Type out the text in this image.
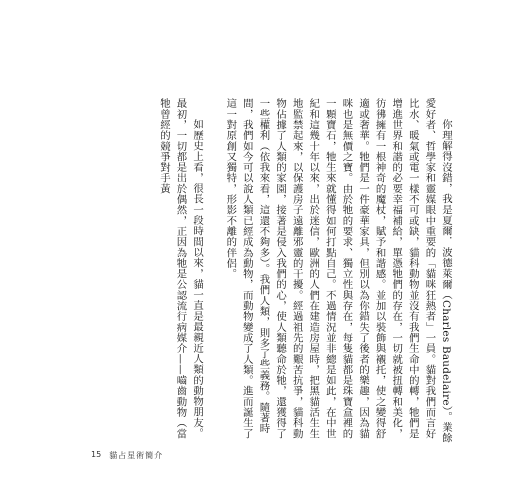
你理解得沒錯，我是夏爾．波德萊爾（Charles Baudelaire）。業餘愛好者、哲學家和靈媒眼中重要的「貓咪狂熱者」一員。貓對我們而言好比水、暖氣或電一樣不可或缺，貓科動物並沒有我們生命中的轉，牠們是增進世界和諧的必要幸福補給，單憑牠們的存在，一切就被扭轉和美化，彷彿擁有一根神奇的魔杖，賦予和諧感。並加以裝飾與襯托，使之變得舒適或奢華。牠們是一件豪華家具，但別以為你錯失了後者的樂趣，因為貓咪也是無價之寶。由於牠的要求、獨立性與存在，每隻貓都是珠寶盒裡的一顆寶石，牠生來就懂得如何打點自己。不過情況並非總是如此，在中世紀和這幾十年以來，出於迷信，歐洲的人們在建造房屋時，把黑貓活生生地監禁起來，以保護房子遠離邪靈的干擾。經過祖先的艱苦抗爭，貓科動物佔據了人類的家園，接著是侵入我們的心，使人類聽命於牠，還獲得了一些權利（依我來看，這還不夠多）。我們人類，則多了些義務。隨著時間，我們如今可以說人類已經成為動物，而動物變成了人類。進而誕生了這一對原創又獨特，形影不離的伴侶。

如歷史上看，很長一段時間以來，貓一直是最親近人類的動物朋友。最初，一切都是出於偶然，正因為牠是公認流行病媒介——嚙齒動物（當牠曾經的競爭對手黃

15 貓占星術簡介
